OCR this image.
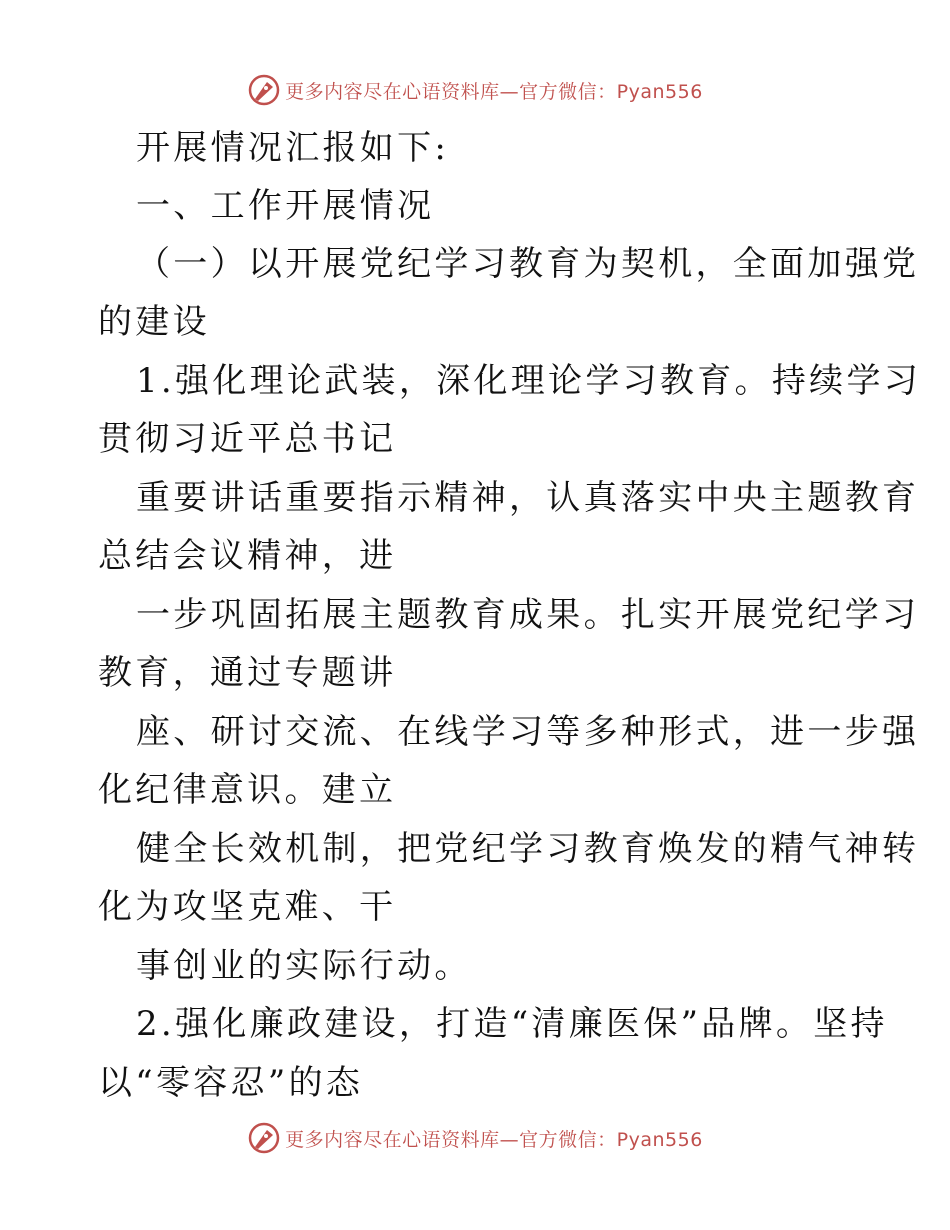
更多内容尽在心语资料库—官方微信：Pyan556
开展情况汇报如下:
一、工作开展情况
（一）以开展党纪学习教育为契机，全面加强党
的建设
1.强化理论武装，深化理论学习教育。持续学习
贯彻习近平总书记
重要讲话重要指示精神，认真落实中央主题教育
总结会议精神，进
一步巩固拓展主题教育成果。扎实开展党纪学习
教育，通过专题讲
座、研讨交流、在线学习等多种形式，进一步强
化纪律意识。建立
健全长效机制，把党纪学习教育焕发的精气神转
化为攻坚克难、干
事创业的实际行动。
2.强化廉政建设，打造“清廉医保”品牌。坚持
以“零容忍”的态
更多内容尽在心语资料库—官方微信：Pyan556
